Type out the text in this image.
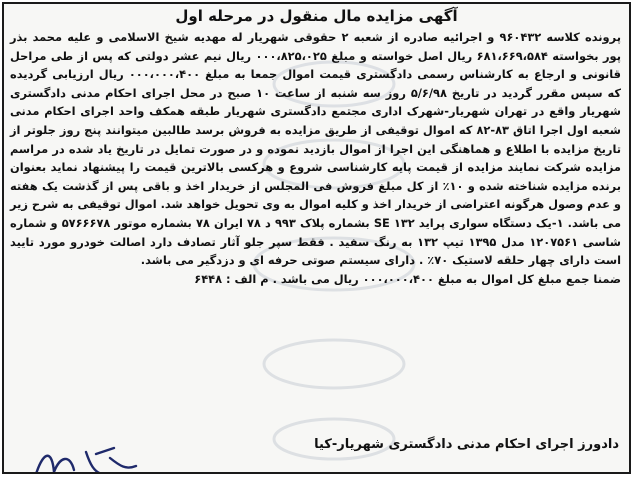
آگهی مزایده مال منقول در مرحله اول

پرونده کلاسه ۹۶۰۴۳۲ و اجرائیه صادره از شعبه ۲ حقوقی شهریار له مهدیه شیخ الاسلامی و علیه محمد بذر پور بخواسته ۶۸۱،۶۶۹،۵۸۴ ریال اصل خواسته و مبلغ ۰۰۰،۸۲۵،۰۲۵ ریال نیم عشر دولتی که پس از طی مراحل قانونی و ارجاع به کارشناس رسمی دادگستری قیمت اموال جمعا به مبلغ ۰۰۰،۰۰۰،۴۰۰ ریال ارزیابی گردیده که سپس مقرر گردید در تاریخ ۵/۶/۹۸ روز سه شنبه از ساعت ۱۰ صبح در محل اجرای احکام مدنی دادگستری شهریار واقع در تهران شهریار-شهرک اداری مجتمع دادگستری شهریار طبقه همکف واحد اجرای احکام مدنی شعبه اول اجرا اتاق ۸۳-۸۲ که اموال توقیفی از طریق مزایده به فروش برسد طالبین میتوانند پنج روز جلوتر از تاریخ مزایده با اطلاع و هماهنگی این اجرا از اموال بازدید نموده و در صورت تمایل در تاریخ یاد شده در مراسم مزایده شرکت نمایند مزایده از قیمت پایه کارشناسی شروع و هرکسی بالاترین قیمت را پیشنهاد نماید بعنوان برنده مزایده شناخته شده و ۱۰٪ از کل مبلغ فروش فی المجلس از خریدار اخذ و باقی پس از گذشت یک هفته و عدم وصول هرگونه اعتراضی از خریدار اخذ و کلیه اموال به وی تحویل خواهد شد. اموال توقیفی به شرح زیر می باشد. ۱-یک دستگاه سواری پراید SE ۱۳۲ بشماره پلاک ۹۹۳ د ۷۸ ایران ۷۸ بشماره موتور ۵۷۶۶۶۷۸ و شماره شاسی ۱۲۰۷۵۶۱ مدل ۱۳۹۵ تیپ ۱۳۲ به رنگ سفید . فقط سپر جلو آثار تصادف دارد اصالت خودرو مورد تایید است دارای چهار حلقه لاستیک ۷۰٪ . دارای سیستم صوتی حرفه ای و دزدگیر می باشد.

ضمنا جمع مبلغ کل اموال به مبلغ ۰۰۰،۰۰۰،۴۰۰ ریال می باشد . م الف : ۶۴۴۸

دادورز اجرای احکام مدنی دادگستری شهریار-کیا
